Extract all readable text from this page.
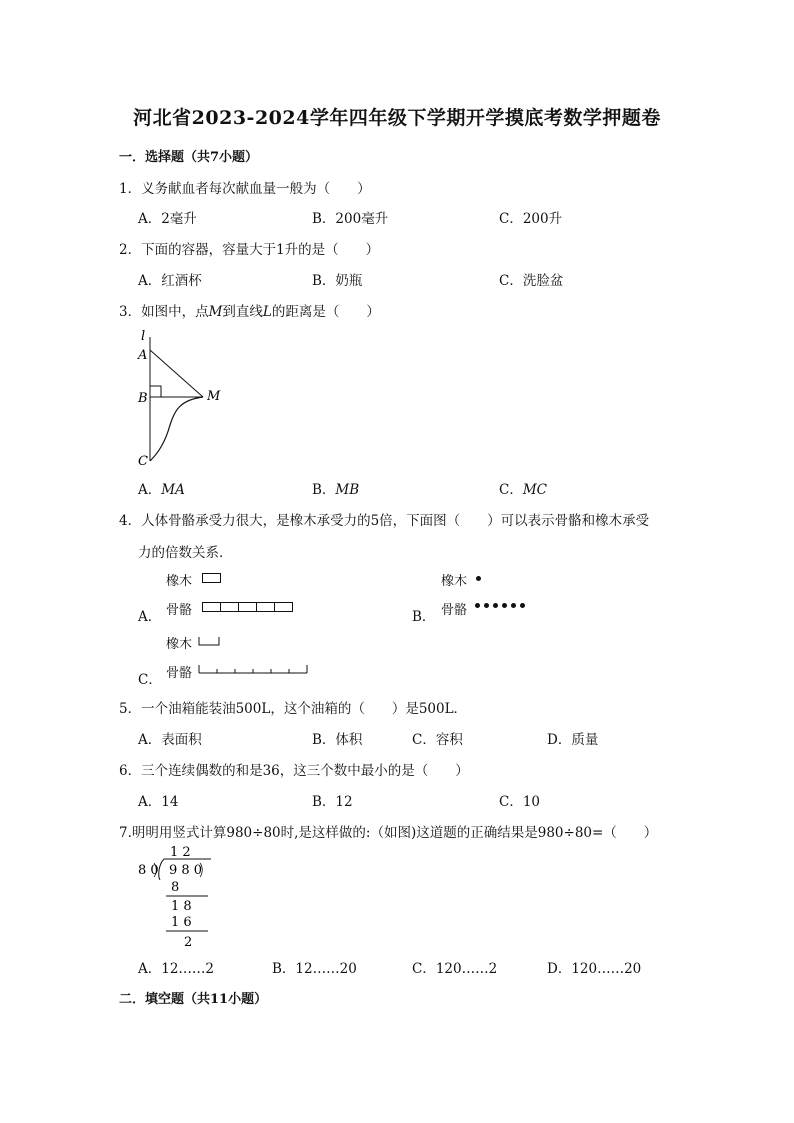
河北省2023-2024学年四年级下学期开学摸底考数学押题卷
一．选择题（共7小题）
1．义务献血者每次献血量一般为（　　）
A．2毫升	B．200毫升	C．200升
2．下面的容器，容量大于1升的是（　　）
A．红酒杯	B．奶瓶	C．洗脸盆
3．如图中，点M到直线L的距离是（　　）
l
A
B
C
M
A．MA	B．MB	C．MC
4．人体骨骼承受力很大，是橡木承受力的5倍，下面图（　　）可以表示骨骼和橡木承受
力的倍数关系．
橡木
骨骼
A．
橡木
骨骼
B．
橡木
骨骼
C．
5．一个油箱能装油500L，这个油箱的（　　）是500L．
A．表面积	B．体积	C．容积	D．质量
6．三个连续偶数的和是36，这三个数中最小的是（　　）
A．14	B．12	C．10
7.明明用竖式计算980÷80时,是这样做的:（如图)这道题的正确结果是980÷80=（　　）
1 2
8 0 9 8 0
8
1 8
1 6
2
A．12……2	B．12……20	C．120……2	D．120……20
二．填空题（共11小题）
